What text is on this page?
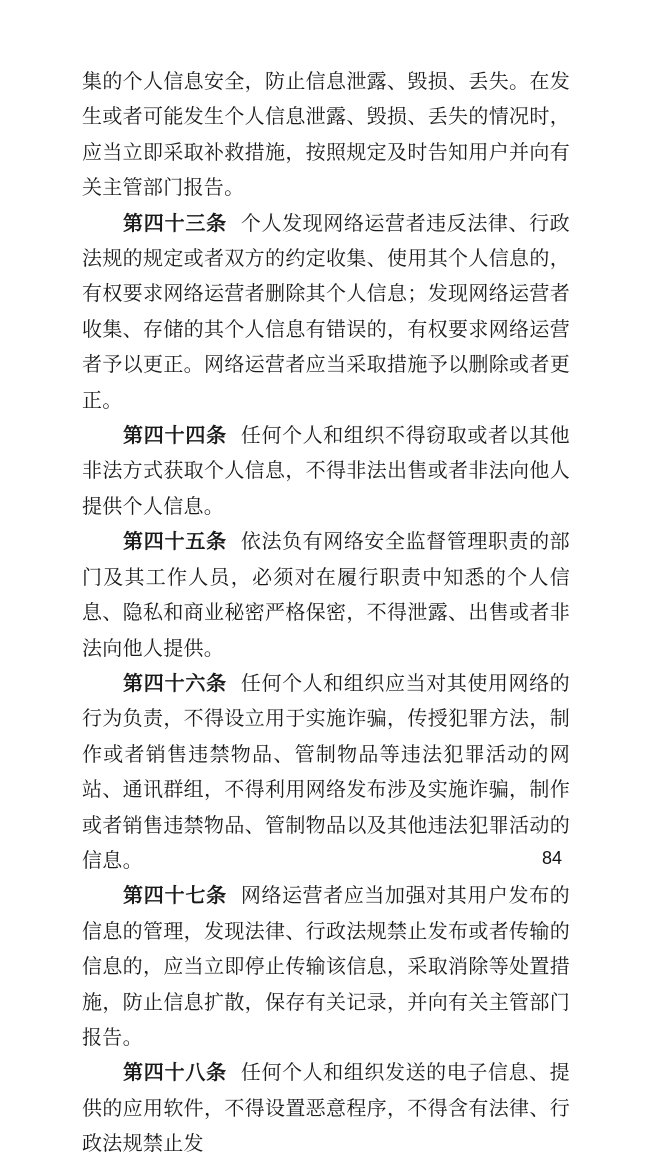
集的个人信息安全，防止信息泄露、毁损、丢失。在发生或者可能发生个人信息泄露、毁损、丢失的情况时，应当立即采取补救措施，按照规定及时告知用户并向有关主管部门报告。

第四十三条 个人发现网络运营者违反法律、行政法规的规定或者双方的约定收集、使用其个人信息的，有权要求网络运营者删除其个人信息；发现网络运营者收集、存储的其个人信息有错误的，有权要求网络运营者予以更正。网络运营者应当采取措施予以删除或者更正。

第四十四条 任何个人和组织不得窃取或者以其他非法方式获取个人信息，不得非法出售或者非法向他人提供个人信息。

第四十五条 依法负有网络安全监督管理职责的部门及其工作人员，必须对在履行职责中知悉的个人信息、隐私和商业秘密严格保密，不得泄露、出售或者非法向他人提供。

第四十六条 任何个人和组织应当对其使用网络的行为负责，不得设立用于实施诈骗，传授犯罪方法，制作或者销售违禁物品、管制物品等违法犯罪活动的网站、通讯群组，不得利用网络发布涉及实施诈骗，制作或者销售违禁物品、管制物品以及其他违法犯罪活动的信息。

第四十七条 网络运营者应当加强对其用户发布的信息的管理，发现法律、行政法规禁止发布或者传输的信息的，应当立即停止传输该信息，采取消除等处置措施，防止信息扩散，保存有关记录，并向有关主管部门报告。

第四十八条 任何个人和组织发送的电子信息、提供的应用软件，不得设置恶意程序，不得含有法律、行政法规禁止发

84
